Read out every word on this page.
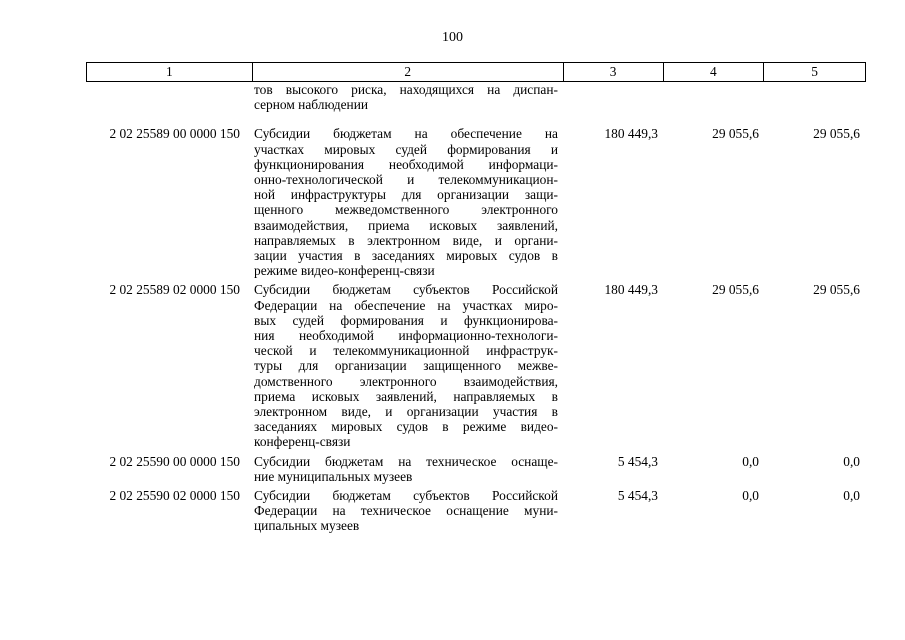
100
1	2	3	4	5
тов высокого риска, находящихся на диспан-
серном наблюдении
2 02 25589 00 0000 150	Субсидии бюджетам на обеспечение на
участках мировых судей формирования и
функционирования необходимой информаци-
онно-технологической и телекоммуникацион-
ной инфраструктуры для организации защи-
щенного межведомственного электронного
взаимодействия, приема исковых заявлений,
направляемых в электронном виде, и органи-
зации участия в заседаниях мировых судов в
режиме видео-конференц-связи
180 449,3	29 055,6	29 055,6
2 02 25589 02 0000 150	Субсидии бюджетам субъектов Российской
Федерации на обеспечение на участках миро-
вых судей формирования и функционирова-
ния необходимой информационно-технологи-
ческой и телекоммуникационной инфраструк-
туры для организации защищенного межве-
домственного электронного взаимодействия,
приема исковых заявлений, направляемых в
электронном виде, и организации участия в
заседаниях мировых судов в режиме видео-
конференц-связи
180 449,3	29 055,6	29 055,6
2 02 25590 00 0000 150	Субсидии бюджетам на техническое оснаще-
ние муниципальных музеев
5 454,3	0,0	0,0
2 02 25590 02 0000 150	Субсидии бюджетам субъектов Российской
Федерации на техническое оснащение муни-
ципальных музеев
5 454,3	0,0	0,0
